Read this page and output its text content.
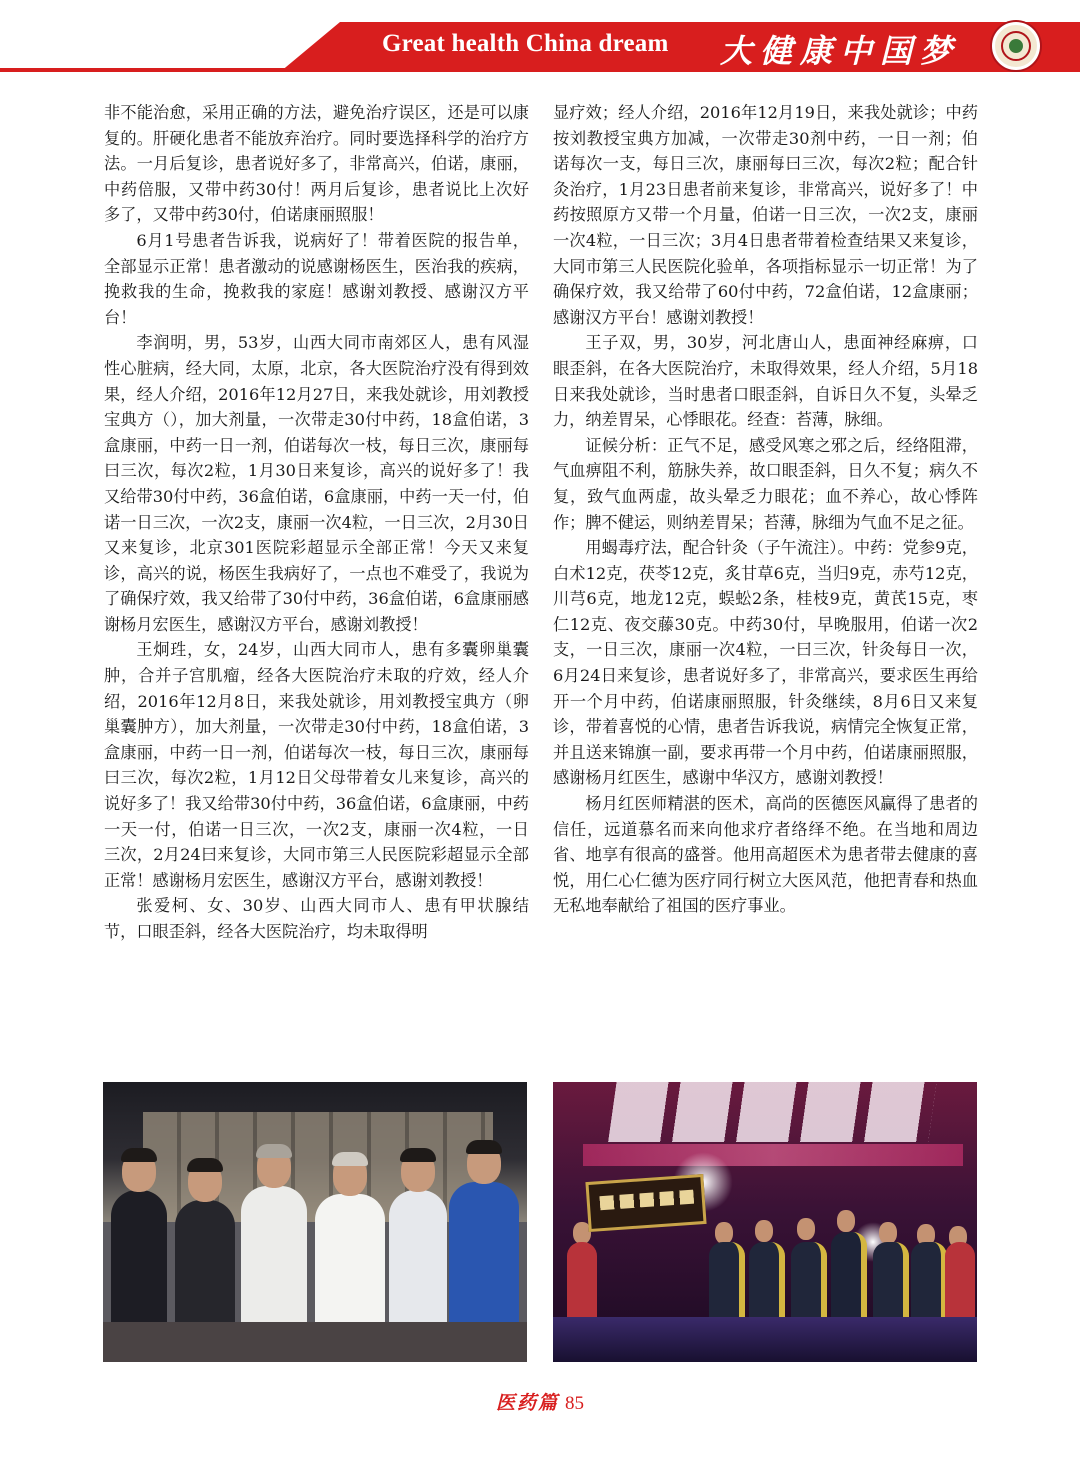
Great health China dream 大健康中国梦

非不能治愈，采用正确的方法，避免治疗误区，还是可以康复的。肝硬化患者不能放弃治疗。同时要选择科学的治疗方法。一月后复诊，患者说好多了，非常高兴，伯诺，康丽，中药倍服，又带中药30付！两月后复诊，患者说比上次好多了，又带中药30付，伯诺康丽照服！

6月1号患者告诉我，说病好了！带着医院的报告单，全部显示正常！患者激动的说感谢杨医生，医治我的疾病，挽救我的生命，挽救我的家庭！感谢刘教授、感谢汉方平台！

李润明，男，53岁，山西大同市南郊区人，患有风湿性心脏病，经大同，太原，北京，各大医院治疗没有得到效果，经人介绍，2016年12月27日，来我处就诊，用刘教授宝典方（），加大剂量，一次带走30付中药，18盒伯诺，3盒康丽，中药一日一剂，伯诺每次一枝，每日三次，康丽每曰三次，每次2粒，1月30日来复诊，高兴的说好多了！我又给带30付中药，36盒伯诺，6盒康丽，中药一天一付，伯诺一日三次，一次2支，康丽一次4粒，一日三次，2月30日又来复诊，北京301医院彩超显示全部正常！今天又来复诊，高兴的说，杨医生我病好了，一点也不难受了，我说为了确保疗效，我又给带了30付中药，36盒伯诺，6盒康丽感谢杨月宏医生，感谢汉方平台，感谢刘教授！

王炯珄，女，24岁，山西大同市人，患有多囊卵巢囊肿，合并子宫肌瘤，经各大医院治疗未取的疗效，经人介绍，2016年12月8日，来我处就诊，用刘教授宝典方（卵巢囊肿方），加大剂量，一次带走30付中药，18盒伯诺，3盒康丽，中药一日一剂，伯诺每次一枝，每日三次，康丽每曰三次，每次2粒，1月12日父母带着女儿来复诊，高兴的说好多了！我又给带30付中药，36盒伯诺，6盒康丽，中药一天一付，伯诺一日三次，一次2支，康丽一次4粒，一日三次，2月24曰来复诊，大同市第三人民医院彩超显示全部正常！感谢杨月宏医生，感谢汉方平台，感谢刘教授！

张爱柯、女、30岁、山西大同市人、患有甲状腺结节，口眼歪斜，经各大医院治疗，均未取得明

显疗效；经人介绍，2016年12月19日，来我处就诊；中药按刘教授宝典方加减，一次带走30剂中药，一日一剂；伯诺每次一支，每日三次，康丽每曰三次，每次2粒；配合针灸治疗，1月23日患者前来复诊，非常高兴，说好多了！中药按照原方又带一个月量，伯诺一日三次，一次2支，康丽一次4粒，一日三次；3月4日患者带着检查结果又来复诊，大同市第三人民医院化验单，各项指标显示一切正常！为了确保疗效，我又给带了60付中药，72盒伯诺，12盒康丽；感谢汉方平台！感谢刘教授！

王子双，男，30岁，河北唐山人，患面神经麻痹，口眼歪斜，在各大医院治疗，未取得效果，经人介绍，5月18日来我处就诊，当时患者口眼歪斜，自诉日久不复，头晕乏力，纳差胃呆，心悸眼花。经查：苔薄，脉细。

证候分析：正气不足，感受风寒之邪之后，经络阻滞，气血痹阻不利，筋脉失养，故口眼歪斜，日久不复；病久不复，致气血两虚，故头晕乏力眼花；血不养心，故心悸阵作；脾不健运，则纳差胃呆；苔薄，脉细为气血不足之征。

用蝎毒疗法，配合针灸（子午流注）。中药：党参9克，白术12克，茯苓12克，炙甘草6克，当归9克，赤芍12克，川芎6克，地龙12克，蜈蚣2条，桂枝9克，黄芪15克，枣仁12克、夜交藤30克。中药30付，早晚服用，伯诺一次2支，一日三次，康丽一次4粒，一曰三次，针灸每日一次，6月24日来复诊，患者说好多了，非常高兴，要求医生再给开一个月中药，伯诺康丽照服，针灸继续，8月6日又来复诊，带着喜悦的心情，患者告诉我说，病情完全恢复正常，并且送来锦旗一副，要求再带一个月中药，伯诺康丽照服，感谢杨月红医生，感谢中华汉方，感谢刘教授！

杨月红医师精湛的医术，高尚的医德医风赢得了患者的信任，远道慕名而来向他求疗者络绎不绝。在当地和周边省、地享有很高的盛誉。他用高超医术为患者带去健康的喜悦，用仁心仁德为医疗同行树立大医风范，他把青春和热血无私地奉献给了祖国的医疗事业。

医药篇 85
